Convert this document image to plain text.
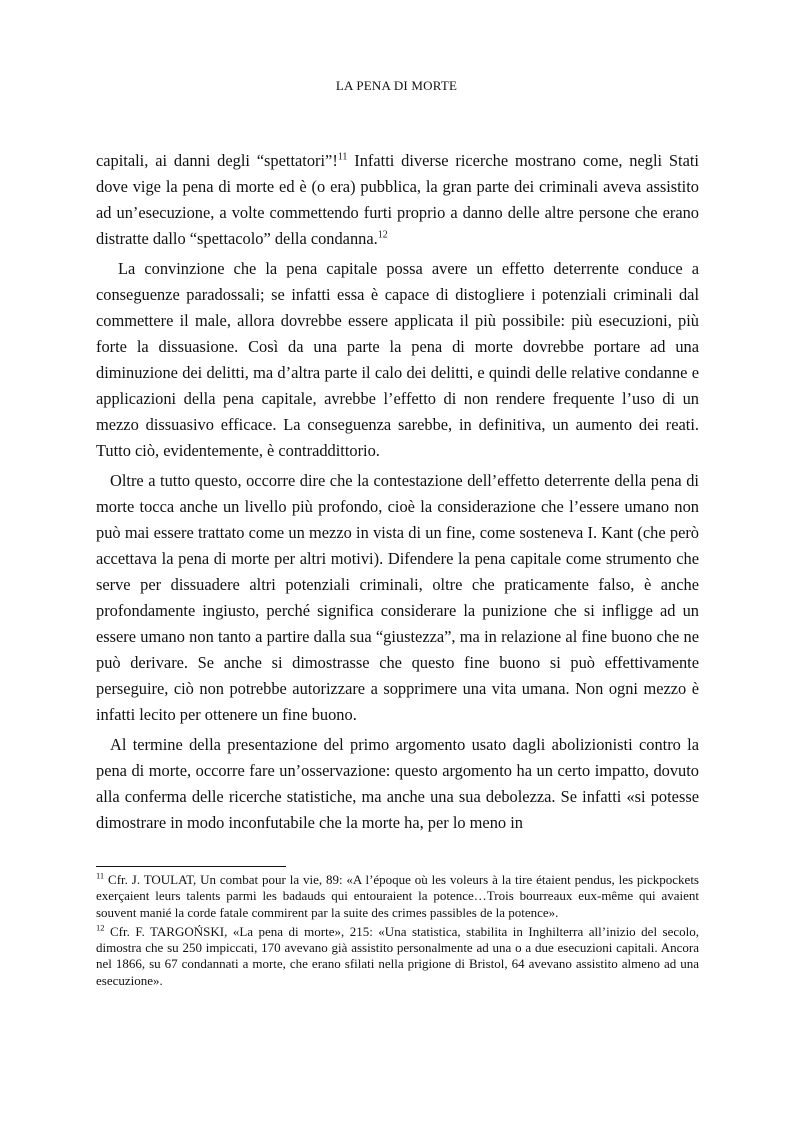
LA PENA DI MORTE

capitali, ai danni degli “spettatori”!$^{11}$ Infatti diverse ricerche mostrano come, negli Stati dove vige la pena di morte ed è (o era) pubblica, la gran parte dei criminali aveva assistito ad un’esecuzione, a volte commettendo furti proprio a danno delle altre persone che erano distratte dallo “spettacolo” della condanna.$^{12}$

La convinzione che la pena capitale possa avere un effetto deterrente conduce a conseguenze paradossali; se infatti essa è capace di distogliere i potenziali criminali dal commettere il male, allora dovrebbe essere applicata il più possibile: più esecuzioni, più forte la dissuasione. Così da una parte la pena di morte dovrebbe portare ad una diminuzione dei delitti, ma d’altra parte il calo dei delitti, e quindi delle relative condanne e applicazioni della pena capitale, avrebbe l’effetto di non rendere frequente l’uso di un mezzo dissuasivo efficace. La conseguenza sarebbe, in definitiva, un aumento dei reati. Tutto ciò, evidentemente, è contraddittorio.

Oltre a tutto questo, occorre dire che la contestazione dell’effetto deterrente della pena di morte tocca anche un livello più profondo, cioè la considerazione che l’essere umano non può mai essere trattato come un mezzo in vista di un fine, come sosteneva I. Kant (che però accettava la pena di morte per altri motivi). Difendere la pena capitale come strumento che serve per dissuadere altri potenziali criminali, oltre che praticamente falso, è anche profondamente ingiusto, perché significa considerare la punizione che si infligge ad un essere umano non tanto a partire dalla sua “giustezza”, ma in relazione al fine buono che ne può derivare. Se anche si dimostrasse che questo fine buono si può effettivamente perseguire, ciò non potrebbe autorizzare a sopprimere una vita umana. Non ogni mezzo è infatti lecito per ottenere un fine buono.

Al termine della presentazione del primo argomento usato dagli abolizionisti contro la pena di morte, occorre fare un’osservazione: questo argomento ha un certo impatto, dovuto alla conferma delle ricerche statistiche, ma anche una sua debolezza. Se infatti «si potesse dimostrare in modo inconfutabile che la morte ha, per lo meno in

$^{11}$ Cfr. J. TOULAT, Un combat pour la vie, 89: «A l’époque où les voleurs à la tire étaient pendus, les pickpockets exerçaient leurs talents parmi les badauds qui entouraient la potence…Trois bourreaux eux-même qui avaient souvent manié la corde fatale commirent par la suite des crimes passibles de la potence».

$^{12}$ Cfr. F. TARGOŃSKI, «La pena di morte», 215: «Una statistica, stabilita in Inghilterra all’inizio del secolo, dimostra che su 250 impiccati, 170 avevano già assistito personalmente ad una o a due esecuzioni capitali. Ancora nel 1866, su 67 condannati a morte, che erano sfilati nella prigione di Bristol, 64 avevano assistito almeno ad una esecuzione».
